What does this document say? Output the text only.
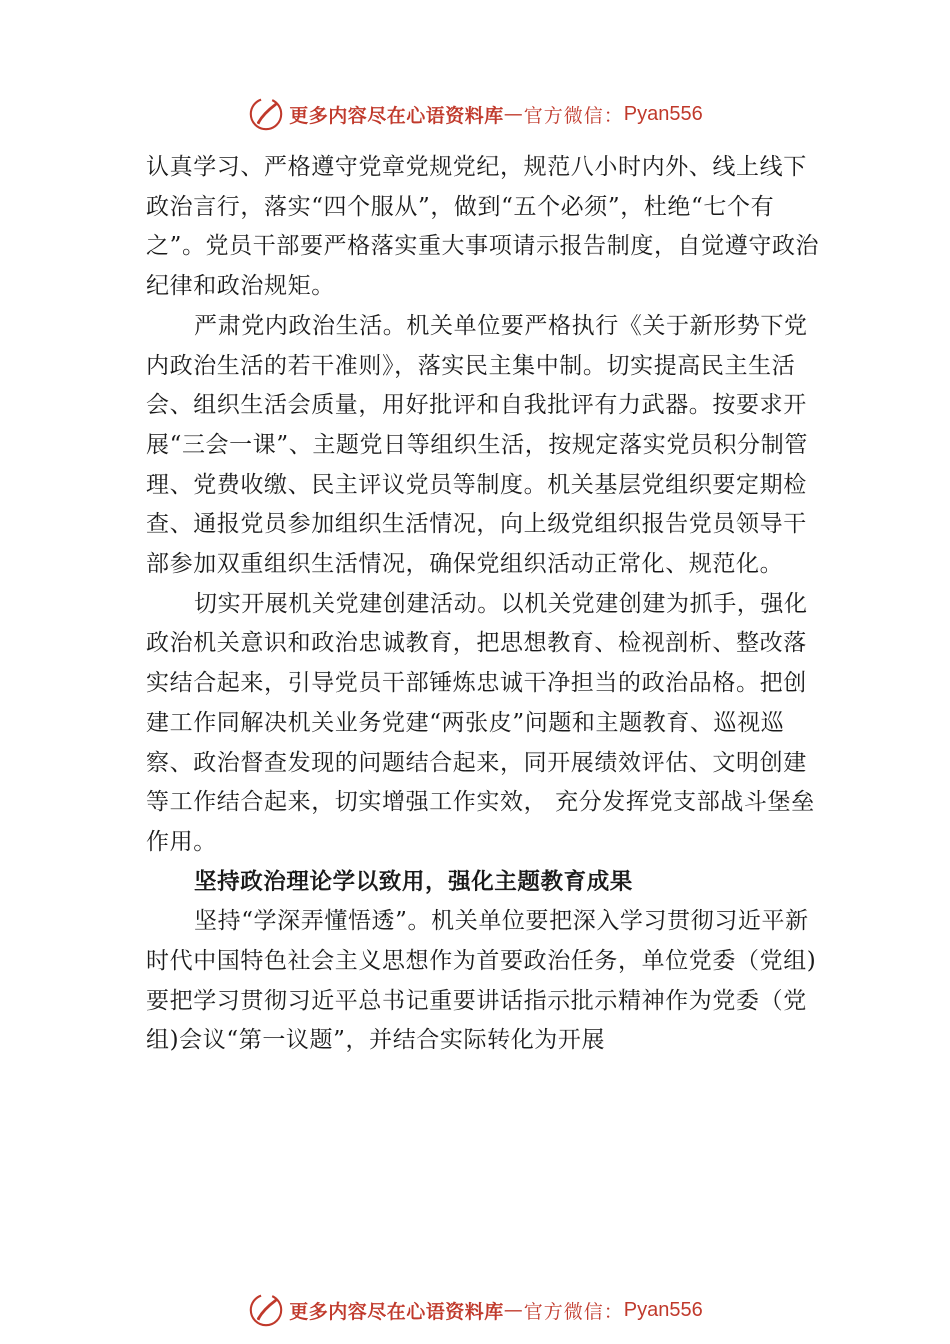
更多内容尽在心语资料库 — 官方微信： Pyan556

认真学习、严格遵守党章党规党纪，规范八小时内外、线上线下政治言行，落实“四个服从”，做到“五个必须”，杜绝“七个有之”。党员干部要严格落实重大事项请示报告制度，自觉遵守政治纪律和政治规矩。

严肃党内政治生活。机关单位要严格执行《关于新形势下党内政治生活的若干准则》，落实民主集中制。切实提高民主生活会、组织生活会质量，用好批评和自我批评有力武器。按要求开展“三会一课”、主题党日等组织生活，按规定落实党员积分制管理、党费收缴、民主评议党员等制度。机关基层党组织要定期检查、通报党员参加组织生活情况，向上级党组织报告党员领导干部参加双重组织生活情况，确保党组织活动正常化、规范化。

切实开展机关党建创建活动。以机关党建创建为抓手，强化政治机关意识和政治忠诚教育，把思想教育、检视剖析、整改落实结合起来，引导党员干部锤炼忠诚干净担当的政治品格。把创建工作同解决机关业务党建“两张皮”问题和主题教育、巡视巡察、政治督查发现的问题结合起来，同开展绩效评估、文明创建等工作结合起来，切实增强工作实效， 充分发挥党支部战斗堡垒作用。

坚持政治理论学以致用，强化主题教育成果

坚持“学深弄懂悟透”。机关单位要把深入学习贯彻习近平新时代中国特色社会主义思想作为首要政治任务，单位党委（党组)要把学习贯彻习近平总书记重要讲话指示批示精神作为党委（党组)会议“第一议题”，并结合实际转化为开展

更多内容尽在心语资料库 — 官方微信： Pyan556
